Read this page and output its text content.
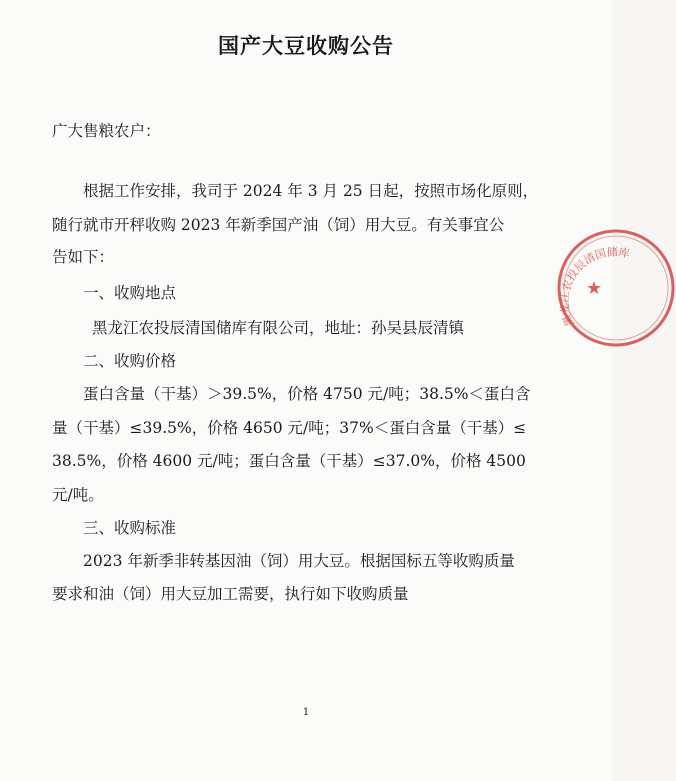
国产大豆收购公告
广大售粮农户：
根据工作安排，我司于 2024 年 3 月 25 日起，按照市场化原则，
随行就市开秤收购 2023 年新季国产油（饲）用大豆。有关事宜公
告如下：
一、收购地点
黑龙江农投辰清国储库有限公司，地址：孙吴县辰清镇
二、收购价格
蛋白含量（干基）＞39.5%，价格 4750 元/吨；38.5%＜蛋白含
量（干基）≤39.5%，价格 4650 元/吨；37%＜蛋白含量（干基）≤
38.5%，价格 4600 元/吨；蛋白含量（干基）≤37.0%，价格 4500
元/吨。
三、收购标准
2023 年新季非转基因油（饲）用大豆。根据国标五等收购质量
要求和油（饲）用大豆加工需要，执行如下收购质量
1
黑龙江农投辰清国储库
★
